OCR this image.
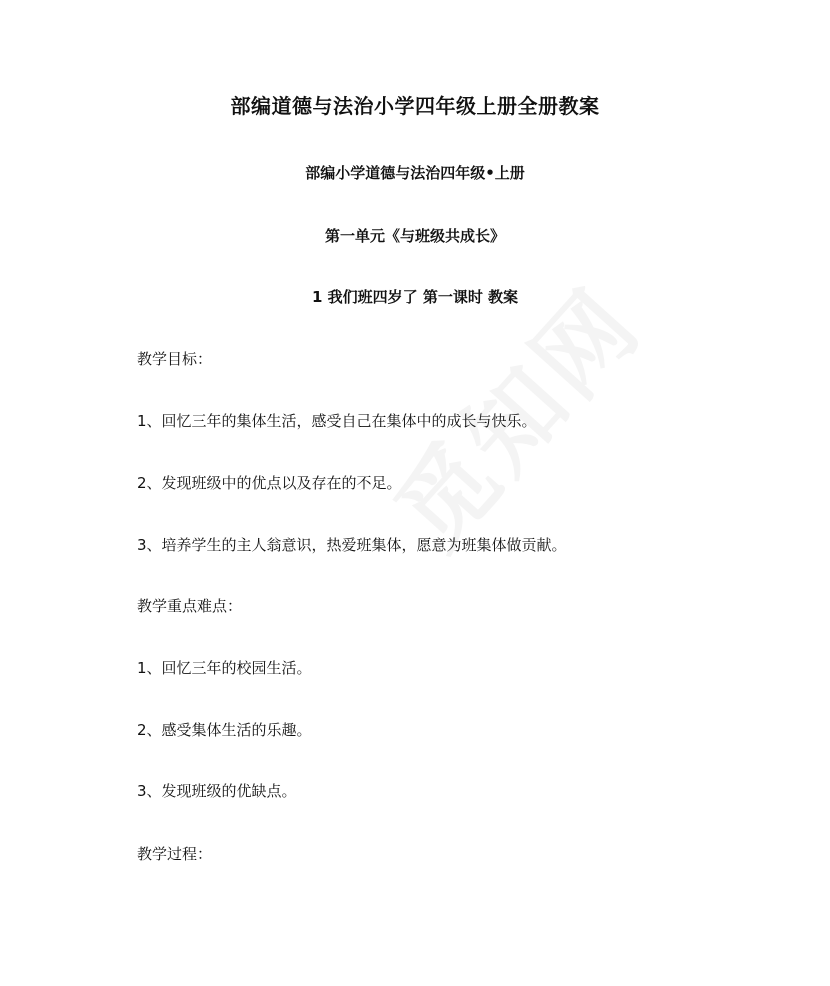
部编道德与法治小学四年级上册全册教案
部编小学道德与法治四年级•上册
第一单元《与班级共成长》
1 我们班四岁了 第一课时 教案
教学目标：
1、回忆三年的集体生活，感受自己在集体中的成长与快乐。
2、发现班级中的优点以及存在的不足。
3、培养学生的主人翁意识，热爱班集体，愿意为班集体做贡献。
教学重点难点：
1、回忆三年的校园生活。
2、感受集体生活的乐趣。
3、发现班级的优缺点。
教学过程：
